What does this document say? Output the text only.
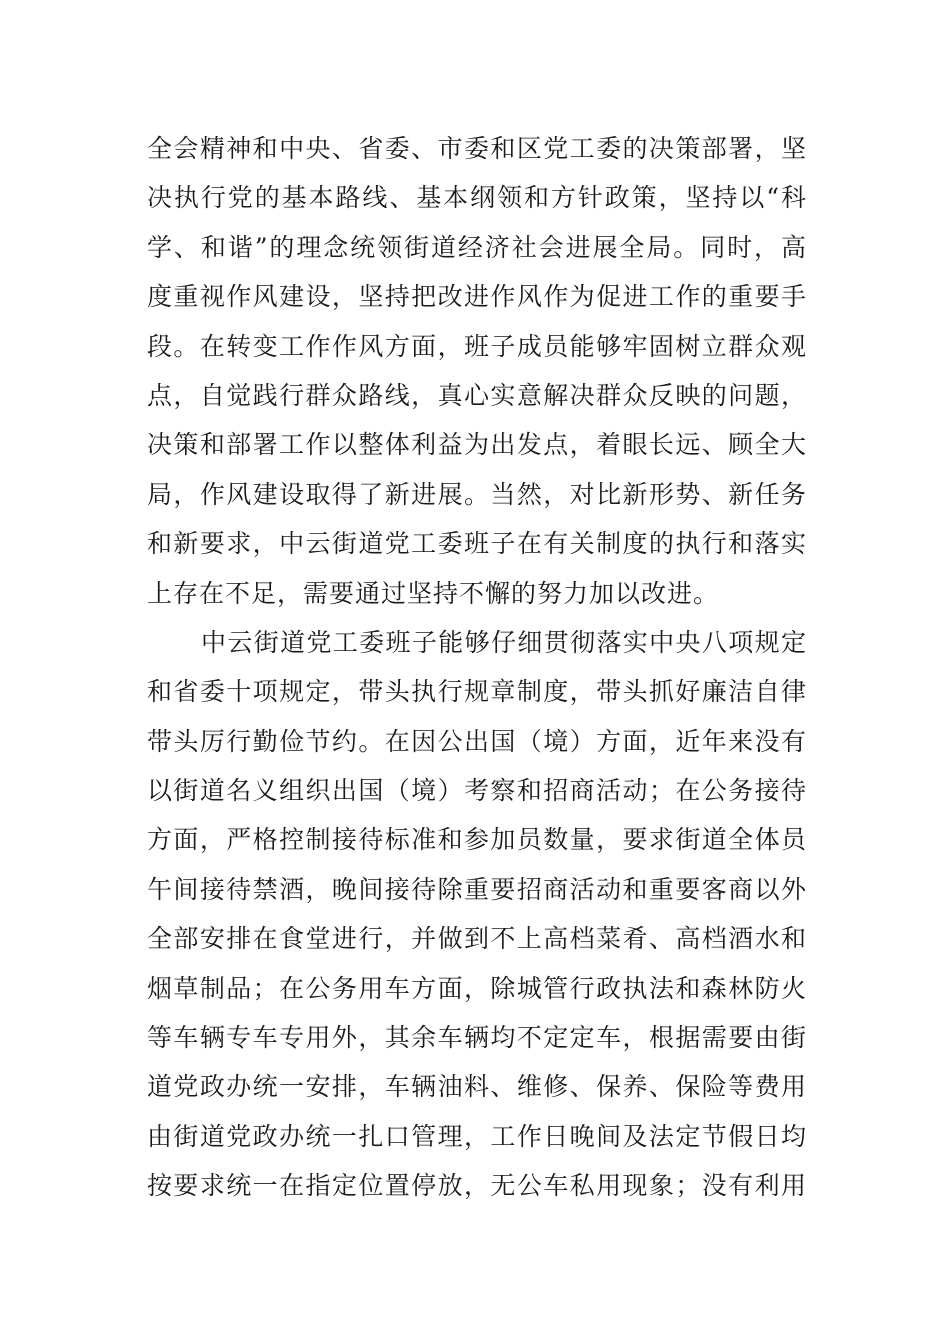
全会精神和中央、省委、市委和区党工委的决策部署，坚
决执行党的基本路线、基本纲领和方针政策，坚持以“科
学、和谐”的理念统领街道经济社会进展全局。同时，高
度重视作风建设，坚持把改进作风作为促进工作的重要手
段。在转变工作作风方面，班子成员能够牢固树立群众观
点，自觉践行群众路线，真心实意解决群众反映的问题，
决策和部署工作以整体利益为出发点，着眼长远、顾全大
局，作风建设取得了新进展。当然，对比新形势、新任务
和新要求，中云街道党工委班子在有关制度的执行和落实
上存在不足，需要通过坚持不懈的努力加以改进。
中云街道党工委班子能够仔细贯彻落实中央八项规定
和省委十项规定，带头执行规章制度，带头抓好廉洁自律
带头厉行勤俭节约。在因公出国（境）方面，近年来没有
以街道名义组织出国（境）考察和招商活动；在公务接待
方面，严格控制接待标准和参加员数量，要求街道全体员
午间接待禁酒，晚间接待除重要招商活动和重要客商以外
全部安排在食堂进行，并做到不上高档菜肴、高档酒水和
烟草制品；在公务用车方面，除城管行政执法和森林防火
等车辆专车专用外，其余车辆均不定定车，根据需要由街
道党政办统一安排，车辆油料、维修、保养、保险等费用
由街道党政办统一扎口管理，工作日晚间及法定节假日均
按要求统一在指定位置停放，无公车私用现象；没有利用
